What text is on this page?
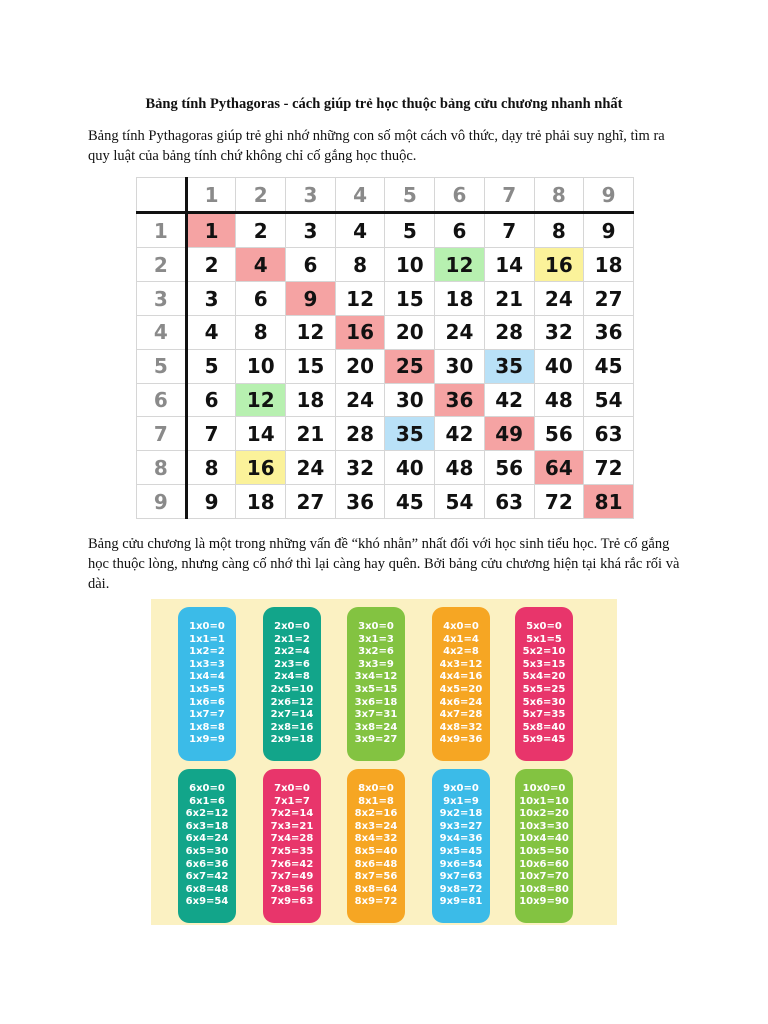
Bảng tính Pythagoras - cách giúp trẻ học thuộc bảng cửu chương nhanh nhất
Bảng tính Pythagoras giúp trẻ ghi nhớ những con số một cách vô thức, dạy trẻ phải suy nghĩ, tìm ra quy luật của bảng tính chứ không chỉ cố gắng học thuộc.
	1	2	3	4	5	6	7	8	9
1	1	2	3	4	5	6	7	8	9
2	2	4	6	8	10	12	14	16	18
3	3	6	9	12	15	18	21	24	27
4	4	8	12	16	20	24	28	32	36
5	5	10	15	20	25	30	35	40	45
6	6	12	18	24	30	36	42	48	54
7	7	14	21	28	35	42	49	56	63
8	8	16	24	32	40	48	56	64	72
9	9	18	27	36	45	54	63	72	81
Bảng cửu chương là một trong những vấn đề “khó nhằn” nhất đối với học sinh tiểu học. Trẻ cố gắng học thuộc lòng, nhưng càng cố nhớ thì lại càng hay quên. Bởi bảng cửu chương hiện tại khá rắc rối và dài.
1x0=0
1x1=1
1x2=2
1x3=3
1x4=4
1x5=5
1x6=6
1x7=7
1x8=8
1x9=9
2x0=0
2x1=2
2x2=4
2x3=6
2x4=8
2x5=10
2x6=12
2x7=14
2x8=16
2x9=18
3x0=0
3x1=3
3x2=6
3x3=9
3x4=12
3x5=15
3x6=18
3x7=31
3x8=24
3x9=27
4x0=0
4x1=4
4x2=8
4x3=12
4x4=16
4x5=20
4x6=24
4x7=28
4x8=32
4x9=36
5x0=0
5x1=5
5x2=10
5x3=15
5x4=20
5x5=25
5x6=30
5x7=35
5x8=40
5x9=45
6x0=0
6x1=6
6x2=12
6x3=18
6x4=24
6x5=30
6x6=36
6x7=42
6x8=48
6x9=54
7x0=0
7x1=7
7x2=14
7x3=21
7x4=28
7x5=35
7x6=42
7x7=49
7x8=56
7x9=63
8x0=0
8x1=8
8x2=16
8x3=24
8x4=32
8x5=40
8x6=48
8x7=56
8x8=64
8x9=72
9x0=0
9x1=9
9x2=18
9x3=27
9x4=36
9x5=45
9x6=54
9x7=63
9x8=72
9x9=81
10x0=0
10x1=10
10x2=20
10x3=30
10x4=40
10x5=50
10x6=60
10x7=70
10x8=80
10x9=90
